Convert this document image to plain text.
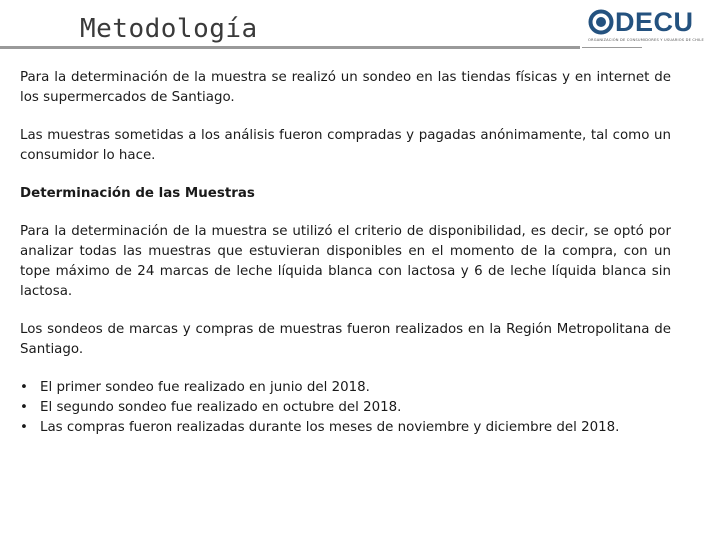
Metodología	DECU
ORGANIZACIÓN DE CONSUMIDORES Y USUARIOS DE CHILE

Para la determinación de la muestra se realizó un sondeo en las tiendas físicas y en internet de los supermercados de Santiago.

Las muestras sometidas a los análisis fueron compradas y pagadas anónimamente, tal como un consumidor lo hace.

Determinación de las Muestras

Para la determinación de la muestra se utilizó el criterio de disponibilidad, es decir, se optó por analizar todas las muestras que estuvieran disponibles en el momento de la compra, con un tope máximo de 24 marcas de leche líquida blanca con lactosa y 6 de leche líquida blanca sin lactosa.

Los sondeos de marcas y compras de muestras fueron realizados en la Región Metropolitana de Santiago.

• El primer sondeo fue realizado en junio del 2018.
• El segundo sondeo fue realizado en octubre del 2018.
• Las compras fueron realizadas durante los meses de noviembre y diciembre del 2018.
